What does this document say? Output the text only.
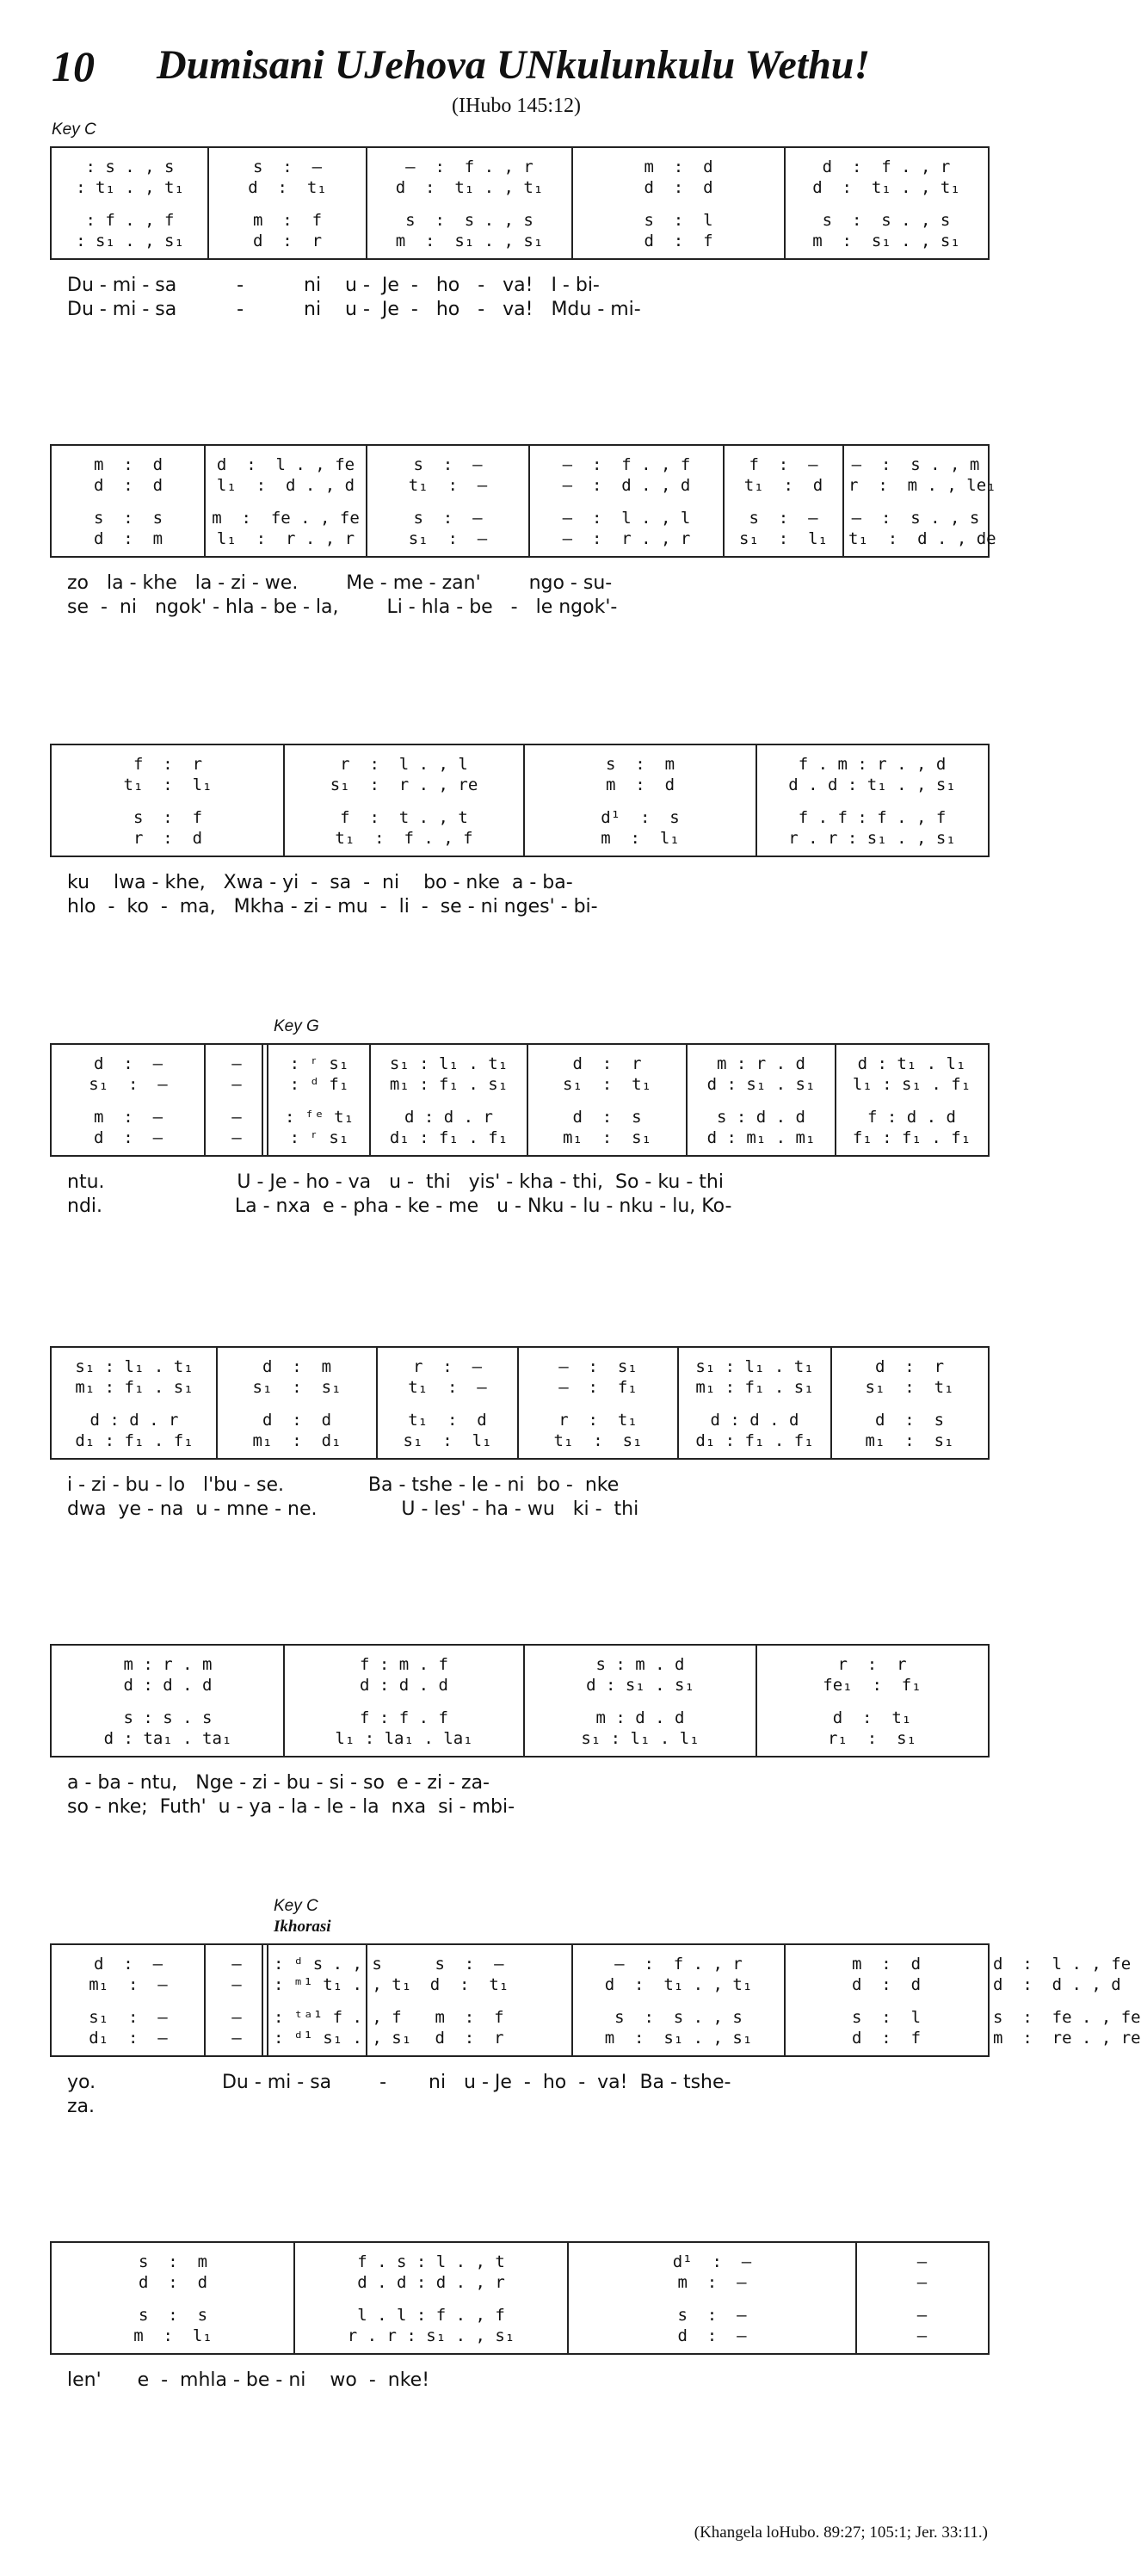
10 Dumisani UJehova UNkulunkulu Wethu!
(IHubo 145:12)
Key C
: s . , s	s  :  —	—  :  f . , r	m  :  d	d  :  f . , r
: t₁ . , t₁	d  :  t₁	d  :  t₁ . , t₁	d  :  d	d  :  t₁ . , t₁
: f . , f	m  :  f	s  :  s . , s	s  :  l	s  :  s . , s
: s₁ . , s₁	d  :  r	m  :  s₁ . , s₁	d  :  f	m  :  s₁ . , s₁
Du - mi - sa          -          ni    u -  Je  -   ho   -   va!   I - bi-
Du - mi - sa          -          ni    u -  Je  -   ho   -   va!   Mdu - mi-
m  :  d	d  :  l . , fe	s  :  —	—  :  f . , f	f  :  —	—  :  s . , m
d  :  d	l₁  :  d . , d	t₁  :  —	—  :  d . , d	t₁  :  d	r  :  m . , le₁
s  :  s	m  :  fe . , fe	s  :  —	—  :  l . , l	s  :  —	—  :  s . , s
d  :  m	l₁  :  r . , r	s₁  :  —	—  :  r . , r	s₁  :  l₁	t₁  :  d . , de
zo   la - khe   la - zi - we.        Me - me - zan'        ngo - su-
se  -  ni   ngok' - hla - be - la,        Li - hla - be   -   le ngok'-
f  :  r	r  :  l . , l	s  :  m	f . m : r . , d
t₁  :  l₁	s₁  :  r . , re	m  :  d	d . d : t₁ . , s₁
s  :  f	f  :  t . , t	d¹  :  s	f . f : f . , f
r  :  d	t₁  :  f . , f	m  :  l₁	r . r : s₁ . , s₁
ku    lwa - khe,   Xwa - yi  -  sa  -  ni    bo - nke  a - ba-
hlo  -  ko  -  ma,   Mkha - zi - mu  -  li  -  se - ni nges' - bi-
Key G
d  :  —	—	: ʳ s₁	s₁ : l₁ . t₁	d  :  r	m : r . d	d : t₁ . l₁
s₁  :  —	—	: ᵈ f₁	m₁ : f₁ . s₁	s₁  :  t₁	d : s₁ . s₁	l₁ : s₁ . f₁
m  :  —	—	: ᶠᵉ t₁	d : d . r	d  :  s	s : d . d	f : d . d
d  :  —	—	: ʳ s₁	d₁ : f₁ . f₁	m₁  :  s₁	d : m₁ . m₁	f₁ : f₁ . f₁
ntu.                      U - Je - ho - va   u -  thi   yis' - kha - thi,  So - ku - thi
ndi.                      La - nxa  e - pha - ke - me   u - Nku - lu - nku - lu, Ko-
s₁ : l₁ . t₁	d  :  m	r  :  —	—  :  s₁	s₁ : l₁ . t₁	d  :  r
m₁ : f₁ . s₁	s₁  :  s₁	t₁  :  —	—  :  f₁	m₁ : f₁ . s₁	s₁  :  t₁
d : d . r	d  :  d	t₁  :  d	r  :  t₁	d : d . d	d  :  s
d₁ : f₁ . f₁	m₁  :  d₁	s₁  :  l₁	t₁  :  s₁	d₁ : f₁ . f₁	m₁  :  s₁
i - zi - bu - lo   l'bu - se.              Ba - tshe - le - ni  bo -  nke
dwa  ye - na  u - mne - ne.              U - les' - ha - wu   ki -  thi
m : r . m	f : m . f	s : m . d	r  :  r
d : d . d	d : d . d	d : s₁ . s₁	fe₁  :  f₁
s : s . s	f : f . f	m : d . d	d  :  t₁
d : ta₁ . ta₁	l₁ : la₁ . la₁	s₁ : l₁ . l₁	r₁  :  s₁
a - ba - ntu,   Nge - zi - bu - si - so  e - zi - za-
so - nke;  Futh'  u - ya - la - le - la  nxa  si - mbi-
Key C
Ikhorasi
d  :  —	—	: ᵈ s . , s	s  :  —	—  :  f . , r	m  :  d	d  :  l . , fe
m₁  :  —	—	: ᵐ¹ t₁ . , t₁	d  :  t₁	d  :  t₁ . , t₁	d  :  d	d  :  d . , d
s₁  :  —	—	: ᵗᵃ¹ f . , f	m  :  f	s  :  s . , s	s  :  l	s  :  fe . , fe
d₁  :  —	—	: ᵈ¹ s₁ . , s₁	d  :  r	m  :  s₁ . , s₁	d  :  f	m  :  re . , re
yo.                     Du - mi - sa        -       ni   u - Je  -  ho  -  va!  Ba - tshe-
za.
s  :  m	f . s : l . , t	d¹  :  —	—
d  :  d	d . d : d . , r	m  :  —	—
s  :  s	l . l : f . , f	s  :  —	—
m  :  l₁	r . r : s₁ . , s₁	d  :  —	—
len'      e  -  mhla - be - ni    wo  -  nke!
(Khangela loHubo. 89:27; 105:1; Jer. 33:11.)
